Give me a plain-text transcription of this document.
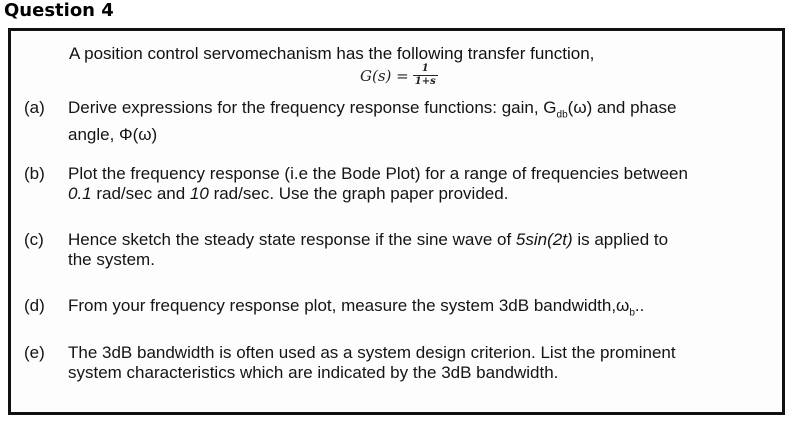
Question 4
A position control servomechanism has the following transfer function,
$G(s) = \frac{1}{1+s}$
(a) Derive expressions for the frequency response functions: gain, $G_{db}(\omega)$ and phase
angle, Φ(ω)
(b) Plot the frequency response (i.e the Bode Plot) for a range of frequencies between
0.1 rad/sec and 10 rad/sec. Use the graph paper provided.
(c) Hence sketch the steady state response if the sine wave of 5sin(2t) is applied to
the system.
(d) From your frequency response plot, measure the system 3dB $bandwidth,\omega_b$..
(e) The 3dB bandwidth is often used as a system design criterion. List the prominent
system characteristics which are indicated by the 3dB bandwidth.
